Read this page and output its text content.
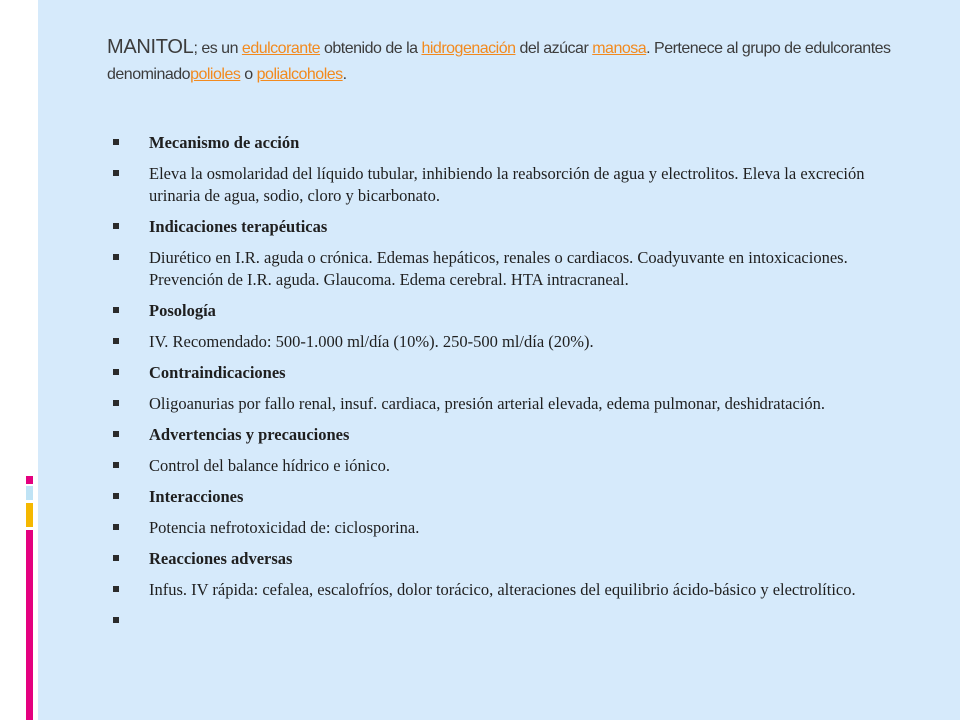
MANITOL; es un edulcorante obtenido de la hidrogenación del azúcar manosa. Pertenece al grupo de edulcorantes denominadopolioles o polialcoholes.
Mecanismo de acción
Eleva la osmolaridad del líquido tubular, inhibiendo la reabsorción de agua y electrolitos. Eleva la excreción urinaria de agua, sodio, cloro y bicarbonato.
Indicaciones terapéuticas
Diurético en I.R. aguda o crónica. Edemas hepáticos, renales o cardiacos. Coadyuvante en intoxicaciones. Prevención de I.R. aguda. Glaucoma. Edema cerebral. HTA intracraneal.
Posología
IV. Recomendado: 500-1.000 ml/día (10%). 250-500 ml/día (20%).
Contraindicaciones
Oligoanurias por fallo renal, insuf. cardiaca, presión arterial elevada, edema pulmonar, deshidratación.
Advertencias y precauciones
Control del balance hídrico e iónico.
Interacciones
Potencia nefrotoxicidad de: ciclosporina.
Reacciones adversas
Infus. IV rápida: cefalea, escalofríos, dolor torácico, alteraciones del equilibrio ácido-básico y electrolítico.
